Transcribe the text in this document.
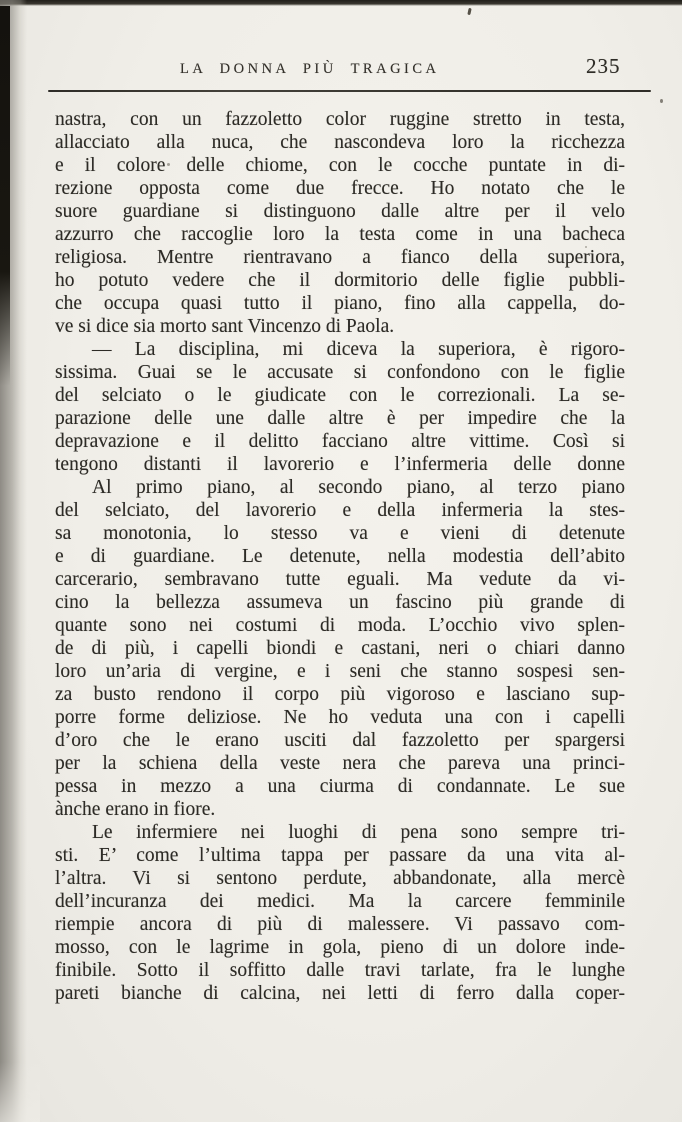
LA DONNA PIÙ TRAGICA	235
nastra, con un fazzoletto color ruggine stretto in testa,
allacciato alla nuca, che nascondeva loro la ricchezza
e il colore delle chiome, con le cocche puntate in di-
rezione opposta come due frecce. Ho notato che le
suore guardiane si distinguono dalle altre per il velo
azzurro che raccoglie loro la testa come in una bacheca
religiosa. Mentre rientravano a fianco della superiora,
ho potuto vedere che il dormitorio delle figlie pubbli-
che occupa quasi tutto il piano, fino alla cappella, do-
ve si dice sia morto sant Vincenzo di Paola.
— La disciplina, mi diceva la superiora, è rigoro-
sissima. Guai se le accusate si confondono con le figlie
del selciato o le giudicate con le correzionali. La se-
parazione delle une dalle altre è per impedire che la
depravazione e il delitto facciano altre vittime. Così si
tengono distanti il lavorerio e l’infermeria delle donne
Al primo piano, al secondo piano, al terzo piano
del selciato, del lavorerio e della infermeria la stes-
sa monotonia, lo stesso va e vieni di detenute
e di guardiane. Le detenute, nella modestia dell’abito
carcerario, sembravano tutte eguali. Ma vedute da vi-
cino la bellezza assumeva un fascino più grande di
quante sono nei costumi di moda. L’occhio vivo splen-
de di più, i capelli biondi e castani, neri o chiari danno
loro un’aria di vergine, e i seni che stanno sospesi sen-
za busto rendono il corpo più vigoroso e lasciano sup-
porre forme deliziose. Ne ho veduta una con i capelli
d’oro che le erano usciti dal fazzoletto per spargersi
per la schiena della veste nera che pareva una princi-
pessa in mezzo a una ciurma di condannate. Le sue
ànche erano in fiore.
Le infermiere nei luoghi di pena sono sempre tri-
sti. E’ come l’ultima tappa per passare da una vita al-
l’altra. Vi si sentono perdute, abbandonate, alla mercè
dell’incuranza dei medici. Ma la carcere femminile
riempie ancora di più di malessere. Vi passavo com-
mosso, con le lagrime in gola, pieno di un dolore inde-
finibile. Sotto il soffitto dalle travi tarlate, fra le lunghe
pareti bianche di calcina, nei letti di ferro dalla coper-
